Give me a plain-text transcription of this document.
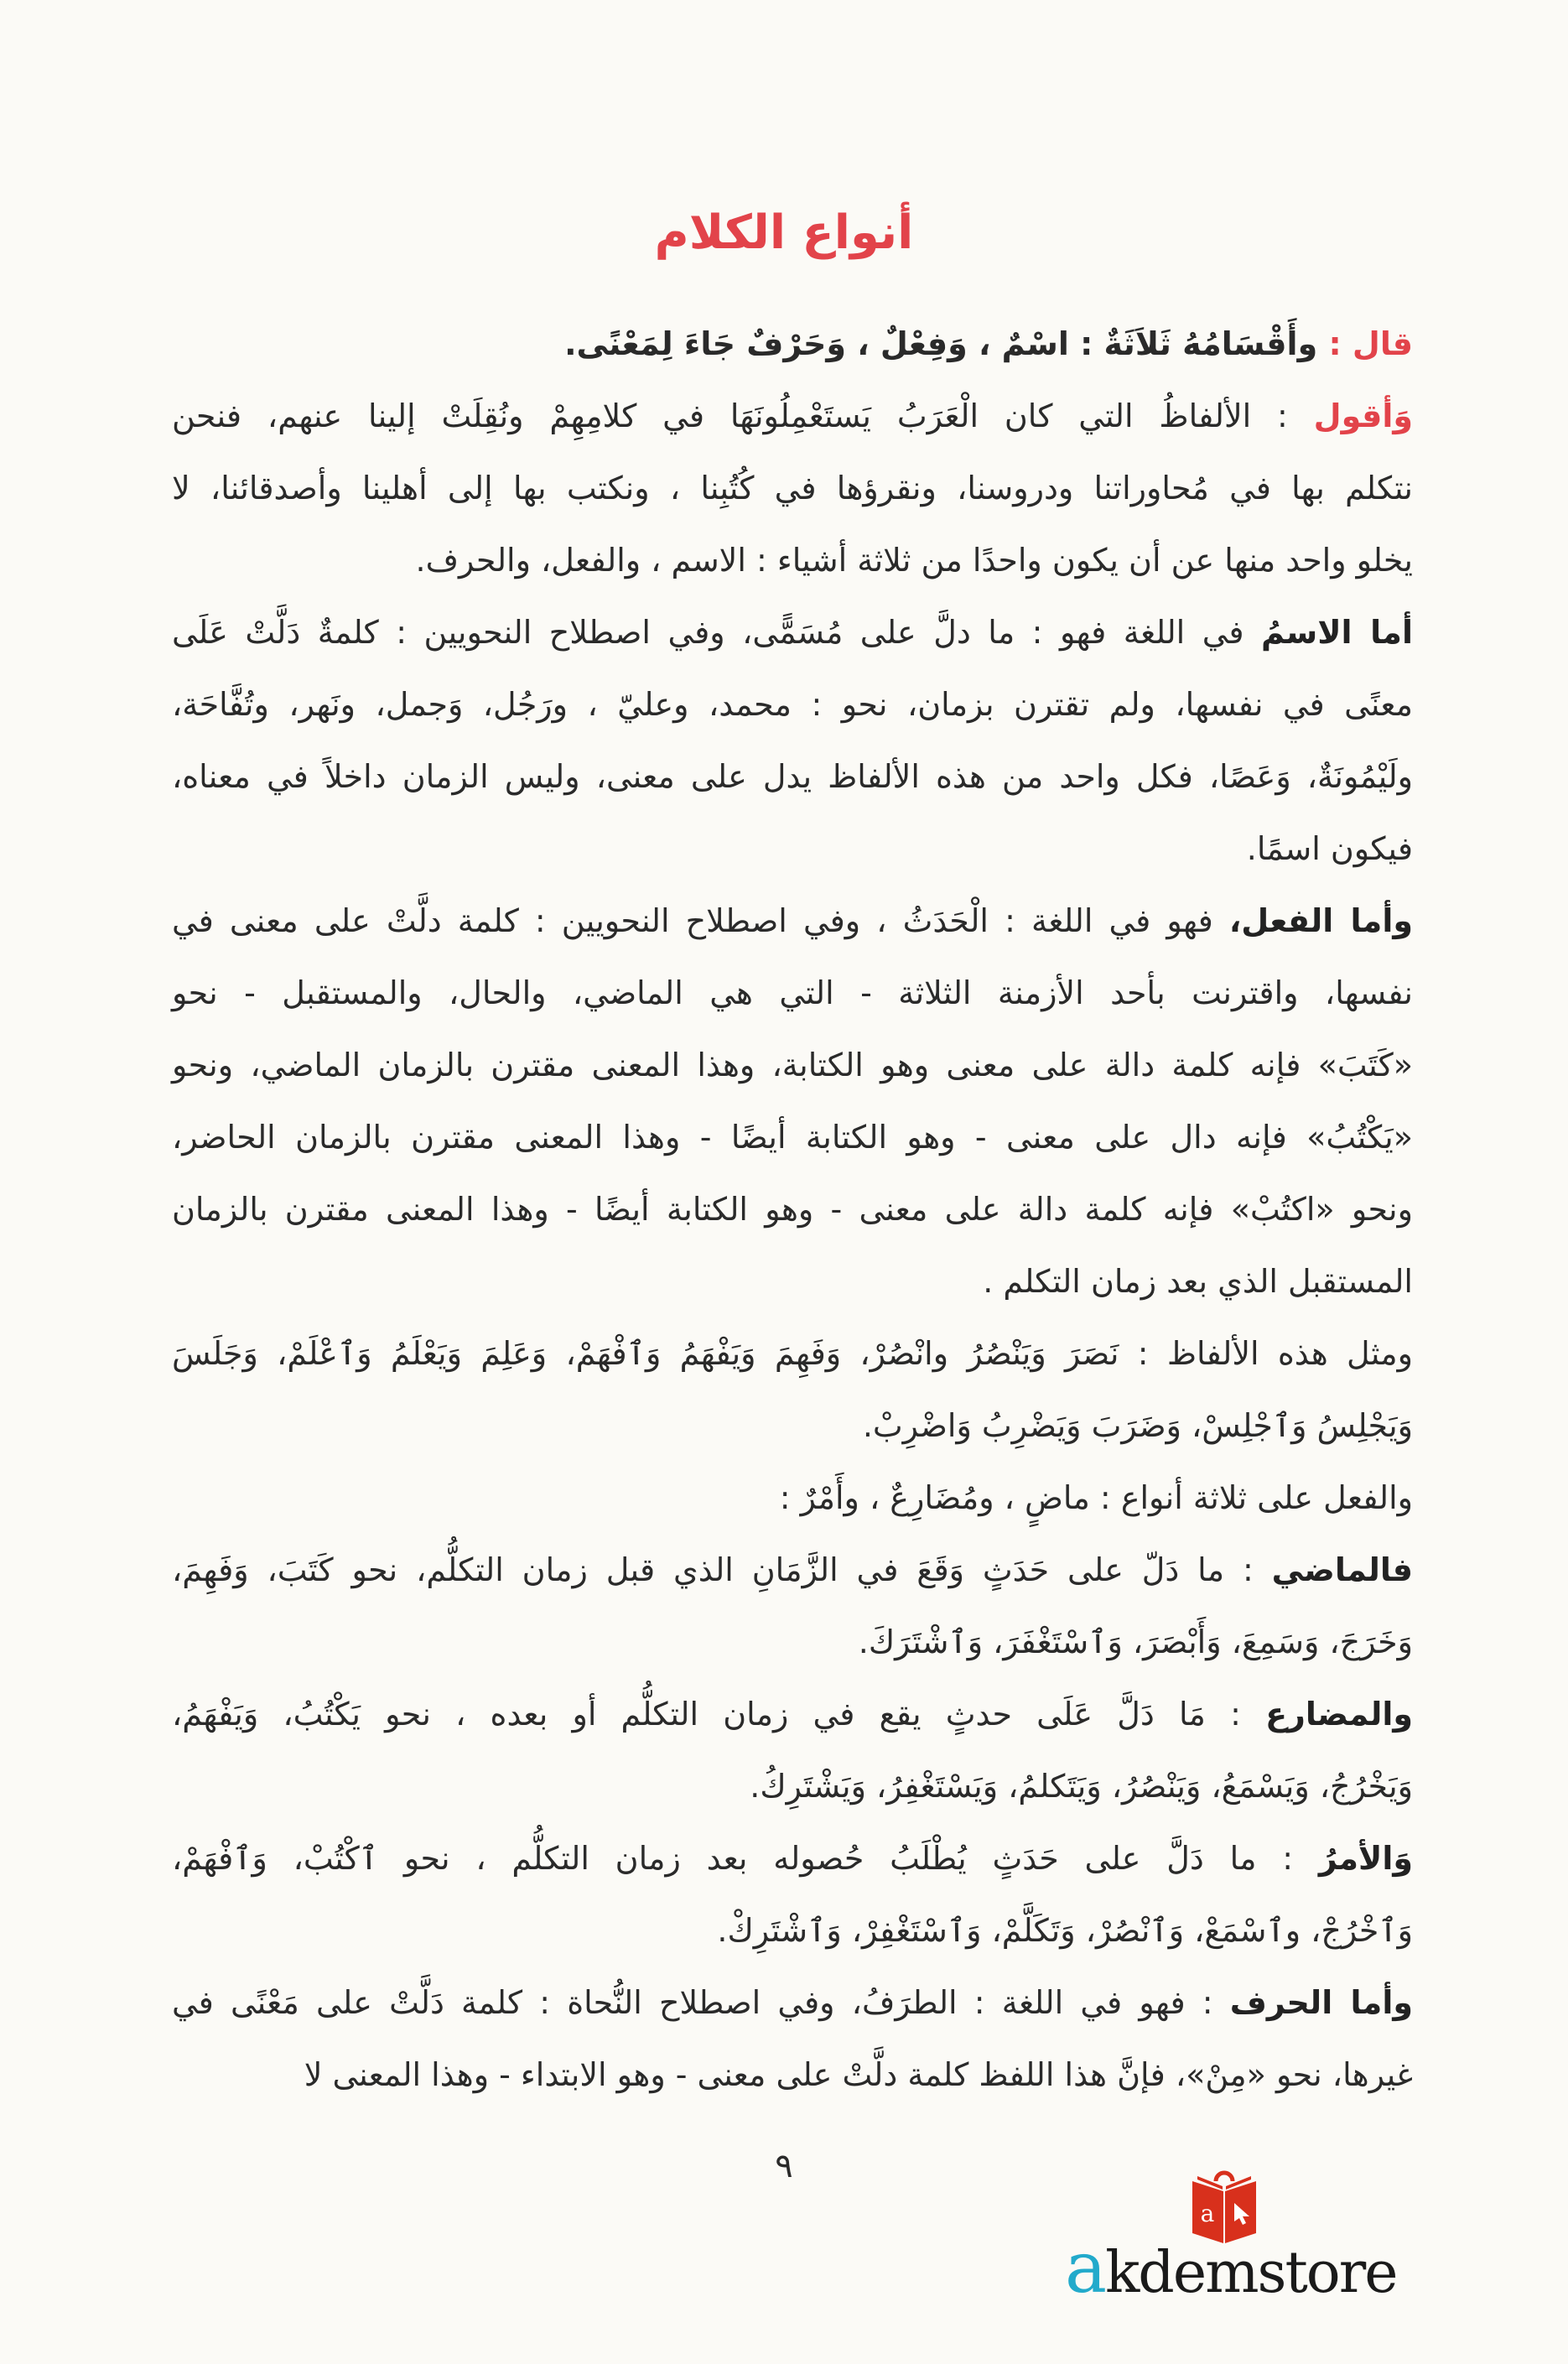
أنواع الكلام
قال : وأَقْسَامُهُ ثَلاَثَةٌ : اسْمٌ ، وَفِعْلٌ ، وَحَرْفٌ جَاءَ لِمَعْنًى.
وَأقول : الألفاظُ التي كان الْعَرَبُ يَستَعْمِلُونَهَا في كلامِهِمْ ونُقِلَتْ إلينا عنهم، فنحن
نتكلم بها في مُحاوراتنا ودروسنا، ونقرؤها في كُتُبِنا ، ونكتب بها إلى أهلينا وأصدقائنا، لا
يخلو واحد منها عن أن يكون واحدًا من ثلاثة أشياء : الاسم ، والفعل، والحرف.
أما الاسمُ في اللغة فهو : ما دلَّ على مُسَمًّى، وفي اصطلاح النحويين : كلمةٌ دَلَّتْ عَلَى
معنًى في نفسها، ولم تقترن بزمان، نحو : محمد، وعليّ ، ورَجُل، وَجمل، ونَهر، وتُفَّاحَة،
ولَيْمُونَةٌ، وَعَصًا، فكل واحد من هذه الألفاظ يدل على معنى، وليس الزمان داخلاً في معناه،
فيكون اسمًا.
وأما الفعل، فهو في اللغة : الْحَدَثُ ، وفي اصطلاح النحويين : كلمة دلَّتْ على معنى في
نفسها، واقترنت بأحد الأزمنة الثلاثة - التي هي الماضي، والحال، والمستقبل - نحو
«كَتَبَ» فإنه كلمة دالة على معنى وهو الكتابة، وهذا المعنى مقترن بالزمان الماضي، ونحو
«يَكْتُبُ» فإنه دال على معنى - وهو الكتابة أيضًا - وهذا المعنى مقترن بالزمان الحاضر،
ونحو «اكتُبْ» فإنه كلمة دالة على معنى - وهو الكتابة أيضًا - وهذا المعنى مقترن بالزمان
المستقبل الذي بعد زمان التكلم .
ومثل هذه الألفاظ : نَصَرَ وَيَنْصُرُ وانْصُرْ، وَفَهِمَ وَيَفْهَمُ وَٱفْهَمْ، وَعَلِمَ وَيَعْلَمُ وَٱعْلَمْ، وَجَلَسَ
وَيَجْلِسُ وَٱجْلِسْ، وَضَرَبَ وَيَضْرِبُ وَاضْرِبْ.
والفعل على ثلاثة أنواع : ماضٍ ، ومُضَارِعٌ ، وأَمْرٌ :
فالماضي : ما دَلّ على حَدَثٍ وَقَعَ في الزَّمَانِ الذي قبل زمان التكلُّم، نحو كَتَبَ، وَفَهِمَ،
وَخَرَجَ، وَسَمِعَ، وَأَبْصَرَ، وَٱسْتَغْفَرَ، وَٱشْتَرَكَ.
والمضارع : مَا دَلَّ عَلَى حدثٍ يقع في زمان التكلُّم أو بعده ، نحو يَكْتُبُ، وَيَفْهَمُ،
وَيَخْرُجُ، وَيَسْمَعُ، وَيَنْصُرُ، وَيَتَكلمُ، وَيَسْتَغْفِرُ، وَيَشْتَرِكُ.
وَالأمرُ : ما دَلَّ على حَدَثٍ يُطْلَبُ حُصوله بعد زمان التكلُّم ، نحو ٱكْتُبْ، وَٱفْهَمْ،
وَٱخْرُجْ، وٱسْمَعْ، وَٱنْصُرْ، وَتَكَلَّمْ، وَٱسْتَغْفِرْ، وَٱشْتَرِكْ.
وأما الحرف : فهو في اللغة : الطرَفُ، وفي اصطلاح النُّحاة : كلمة دَلَّتْ على مَعْنًى في
غيرها، نحو «مِنْ»، فإنَّ هذا اللفظ كلمة دلَّتْ على معنى - وهو الابتداء - وهذا المعنى لا
٩
a
akdemstore
